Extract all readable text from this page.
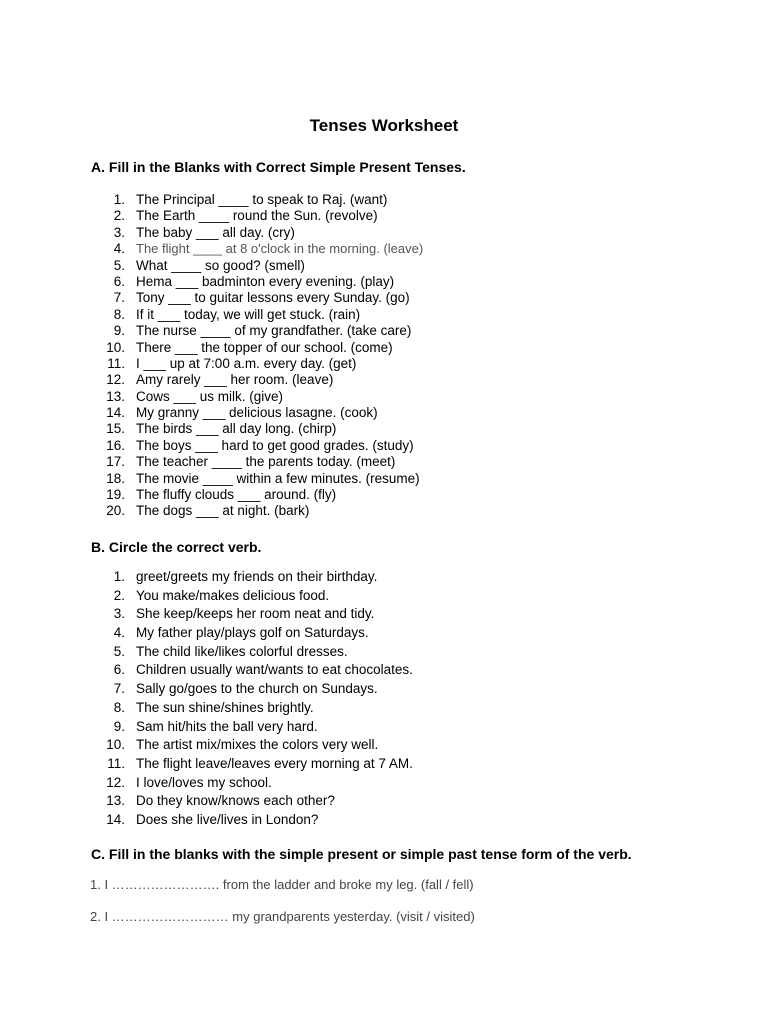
Tenses Worksheet
A. Fill in the Blanks with Correct Simple Present Tenses.
1. The Principal ____ to speak to Raj. (want)
2. The Earth ____ round the Sun. (revolve)
3. The baby ___ all day. (cry)
4. The flight ____ at 8 o'clock in the morning. (leave)
5. What ____ so good? (smell)
6. Hema ___ badminton every evening. (play)
7. Tony ___ to guitar lessons every Sunday. (go)
8. If it ___ today, we will get stuck. (rain)
9. The nurse ____ of my grandfather. (take care)
10. There ___ the topper of our school. (come)
11. I ___ up at 7:00 a.m. every day. (get)
12. Amy rarely ___ her room. (leave)
13. Cows ___ us milk. (give)
14. My granny ___ delicious lasagne. (cook)
15. The birds ___ all day long. (chirp)
16. The boys ___ hard to get good grades. (study)
17. The teacher ____ the parents today. (meet)
18. The movie ____ within a few minutes. (resume)
19. The fluffy clouds ___ around. (fly)
20. The dogs ___ at night. (bark)
B. Circle the correct verb.
1. greet/greets my friends on their birthday.
2. You make/makes delicious food.
3. She keep/keeps her room neat and tidy.
4. My father play/plays golf on Saturdays.
5. The child like/likes colorful dresses.
6. Children usually want/wants to eat chocolates.
7. Sally go/goes to the church on Sundays.
8. The sun shine/shines brightly.
9. Sam hit/hits the ball very hard.
10. The artist mix/mixes the colors very well.
11. The flight leave/leaves every morning at 7 AM.
12. I love/loves my school.
13. Do they know/knows each other?
14. Does she live/lives in London?
C. Fill in the blanks with the simple present or simple past tense form of the verb.
1. I ……………………. from the ladder and broke my leg. (fall / fell)
2. I ……………………… my grandparents yesterday. (visit / visited)
